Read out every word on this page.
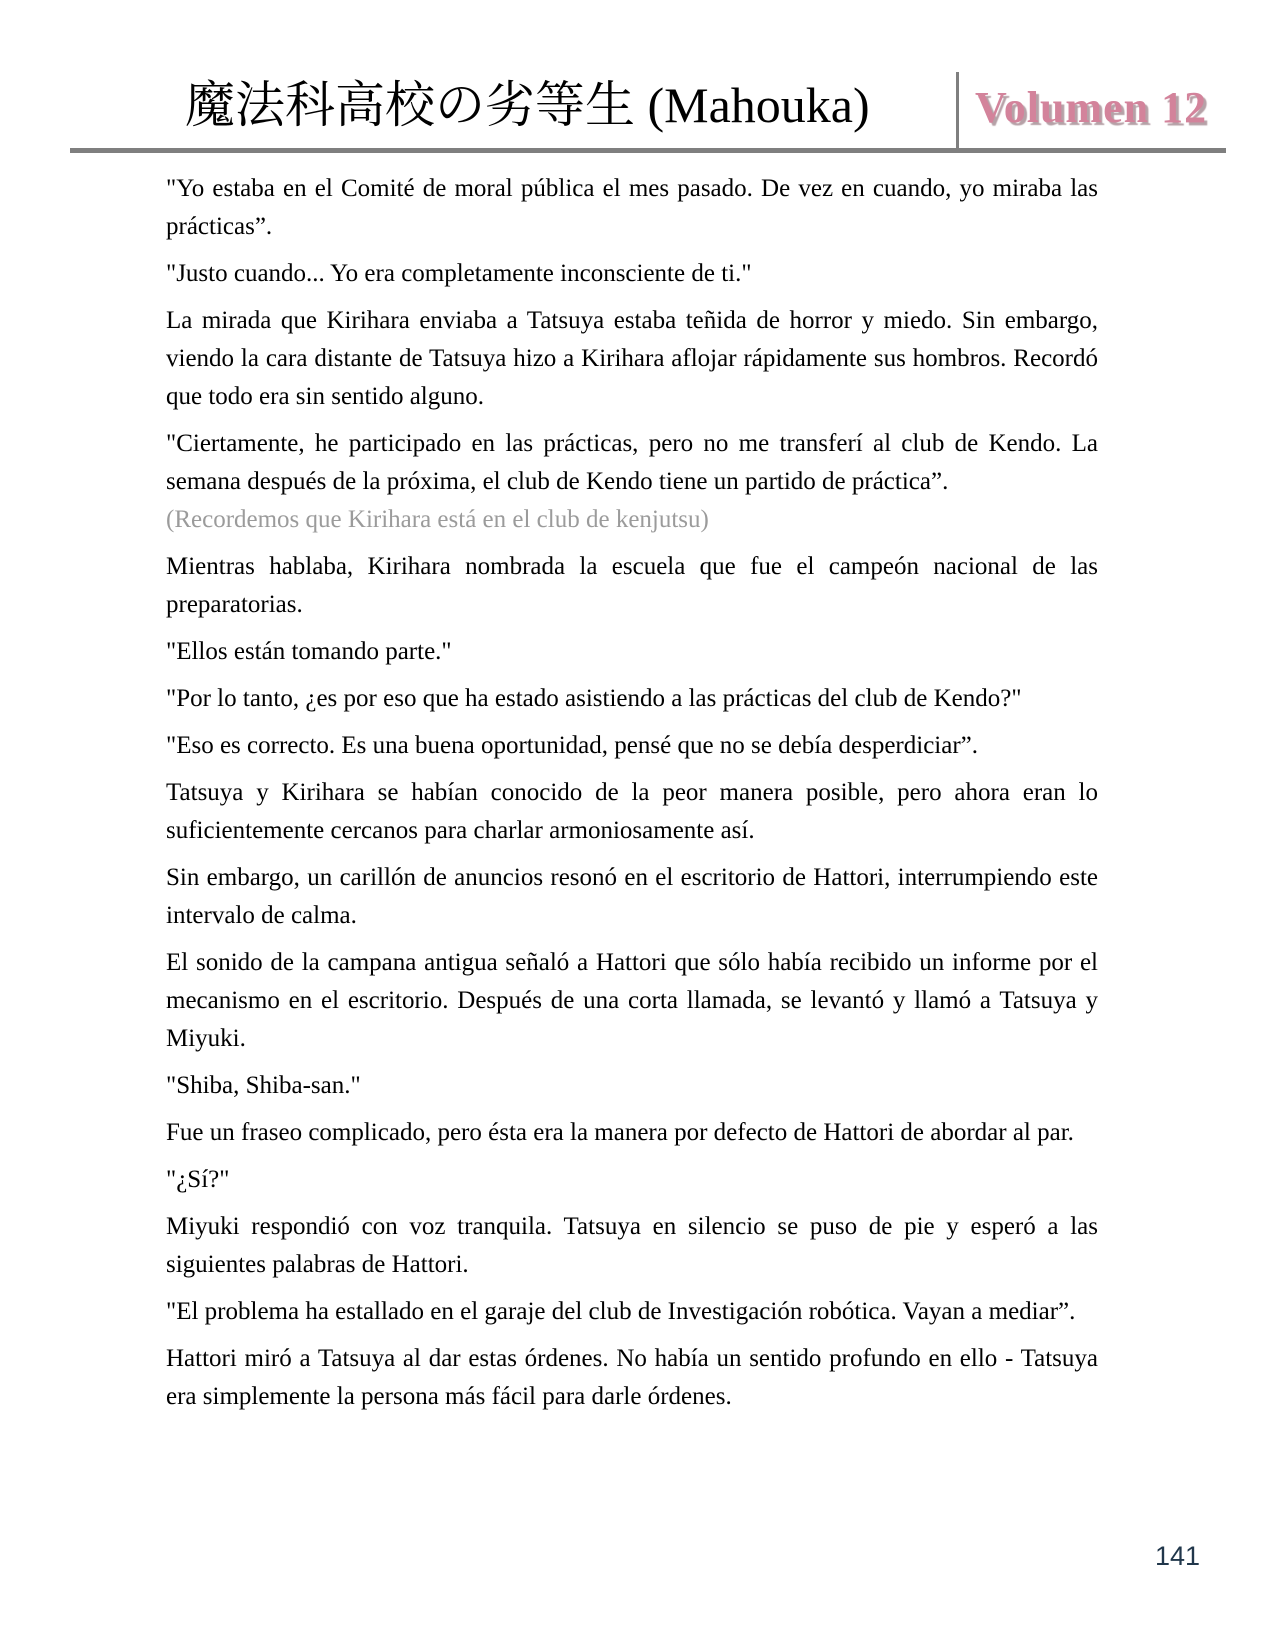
魔法科高校の劣等生 (Mahouka) Volumen 12

"Yo estaba en el Comité de moral pública el mes pasado. De vez en cuando, yo miraba las prácticas”.

"Justo cuando... Yo era completamente inconsciente de ti."

La mirada que Kirihara enviaba a Tatsuya estaba teñida de horror y miedo. Sin embargo, viendo la cara distante de Tatsuya hizo a Kirihara aflojar rápidamente sus hombros. Recordó que todo era sin sentido alguno.

"Ciertamente, he participado en las prácticas, pero no me transferí al club de Kendo. La semana después de la próxima, el club de Kendo tiene un partido de práctica”.
(Recordemos que Kirihara está en el club de kenjutsu)

Mientras hablaba, Kirihara nombrada la escuela que fue el campeón nacional de las preparatorias.

"Ellos están tomando parte."

"Por lo tanto, ¿es por eso que ha estado asistiendo a las prácticas del club de Kendo?"

"Eso es correcto. Es una buena oportunidad, pensé que no se debía desperdiciar”.

Tatsuya y Kirihara se habían conocido de la peor manera posible, pero ahora eran lo suficientemente cercanos para charlar armoniosamente así.

Sin embargo, un carillón de anuncios resonó en el escritorio de Hattori, interrumpiendo este intervalo de calma.

El sonido de la campana antigua señaló a Hattori que sólo había recibido un informe por el mecanismo en el escritorio. Después de una corta llamada, se levantó y llamó a Tatsuya y Miyuki.

"Shiba, Shiba-san."

Fue un fraseo complicado, pero ésta era la manera por defecto de Hattori de abordar al par.

"¿Sí?"

Miyuki respondió con voz tranquila. Tatsuya en silencio se puso de pie y esperó a las siguientes palabras de Hattori.

"El problema ha estallado en el garaje del club de Investigación robótica. Vayan a mediar”.

Hattori miró a Tatsuya al dar estas órdenes. No había un sentido profundo en ello - Tatsuya era simplemente la persona más fácil para darle órdenes.

141
